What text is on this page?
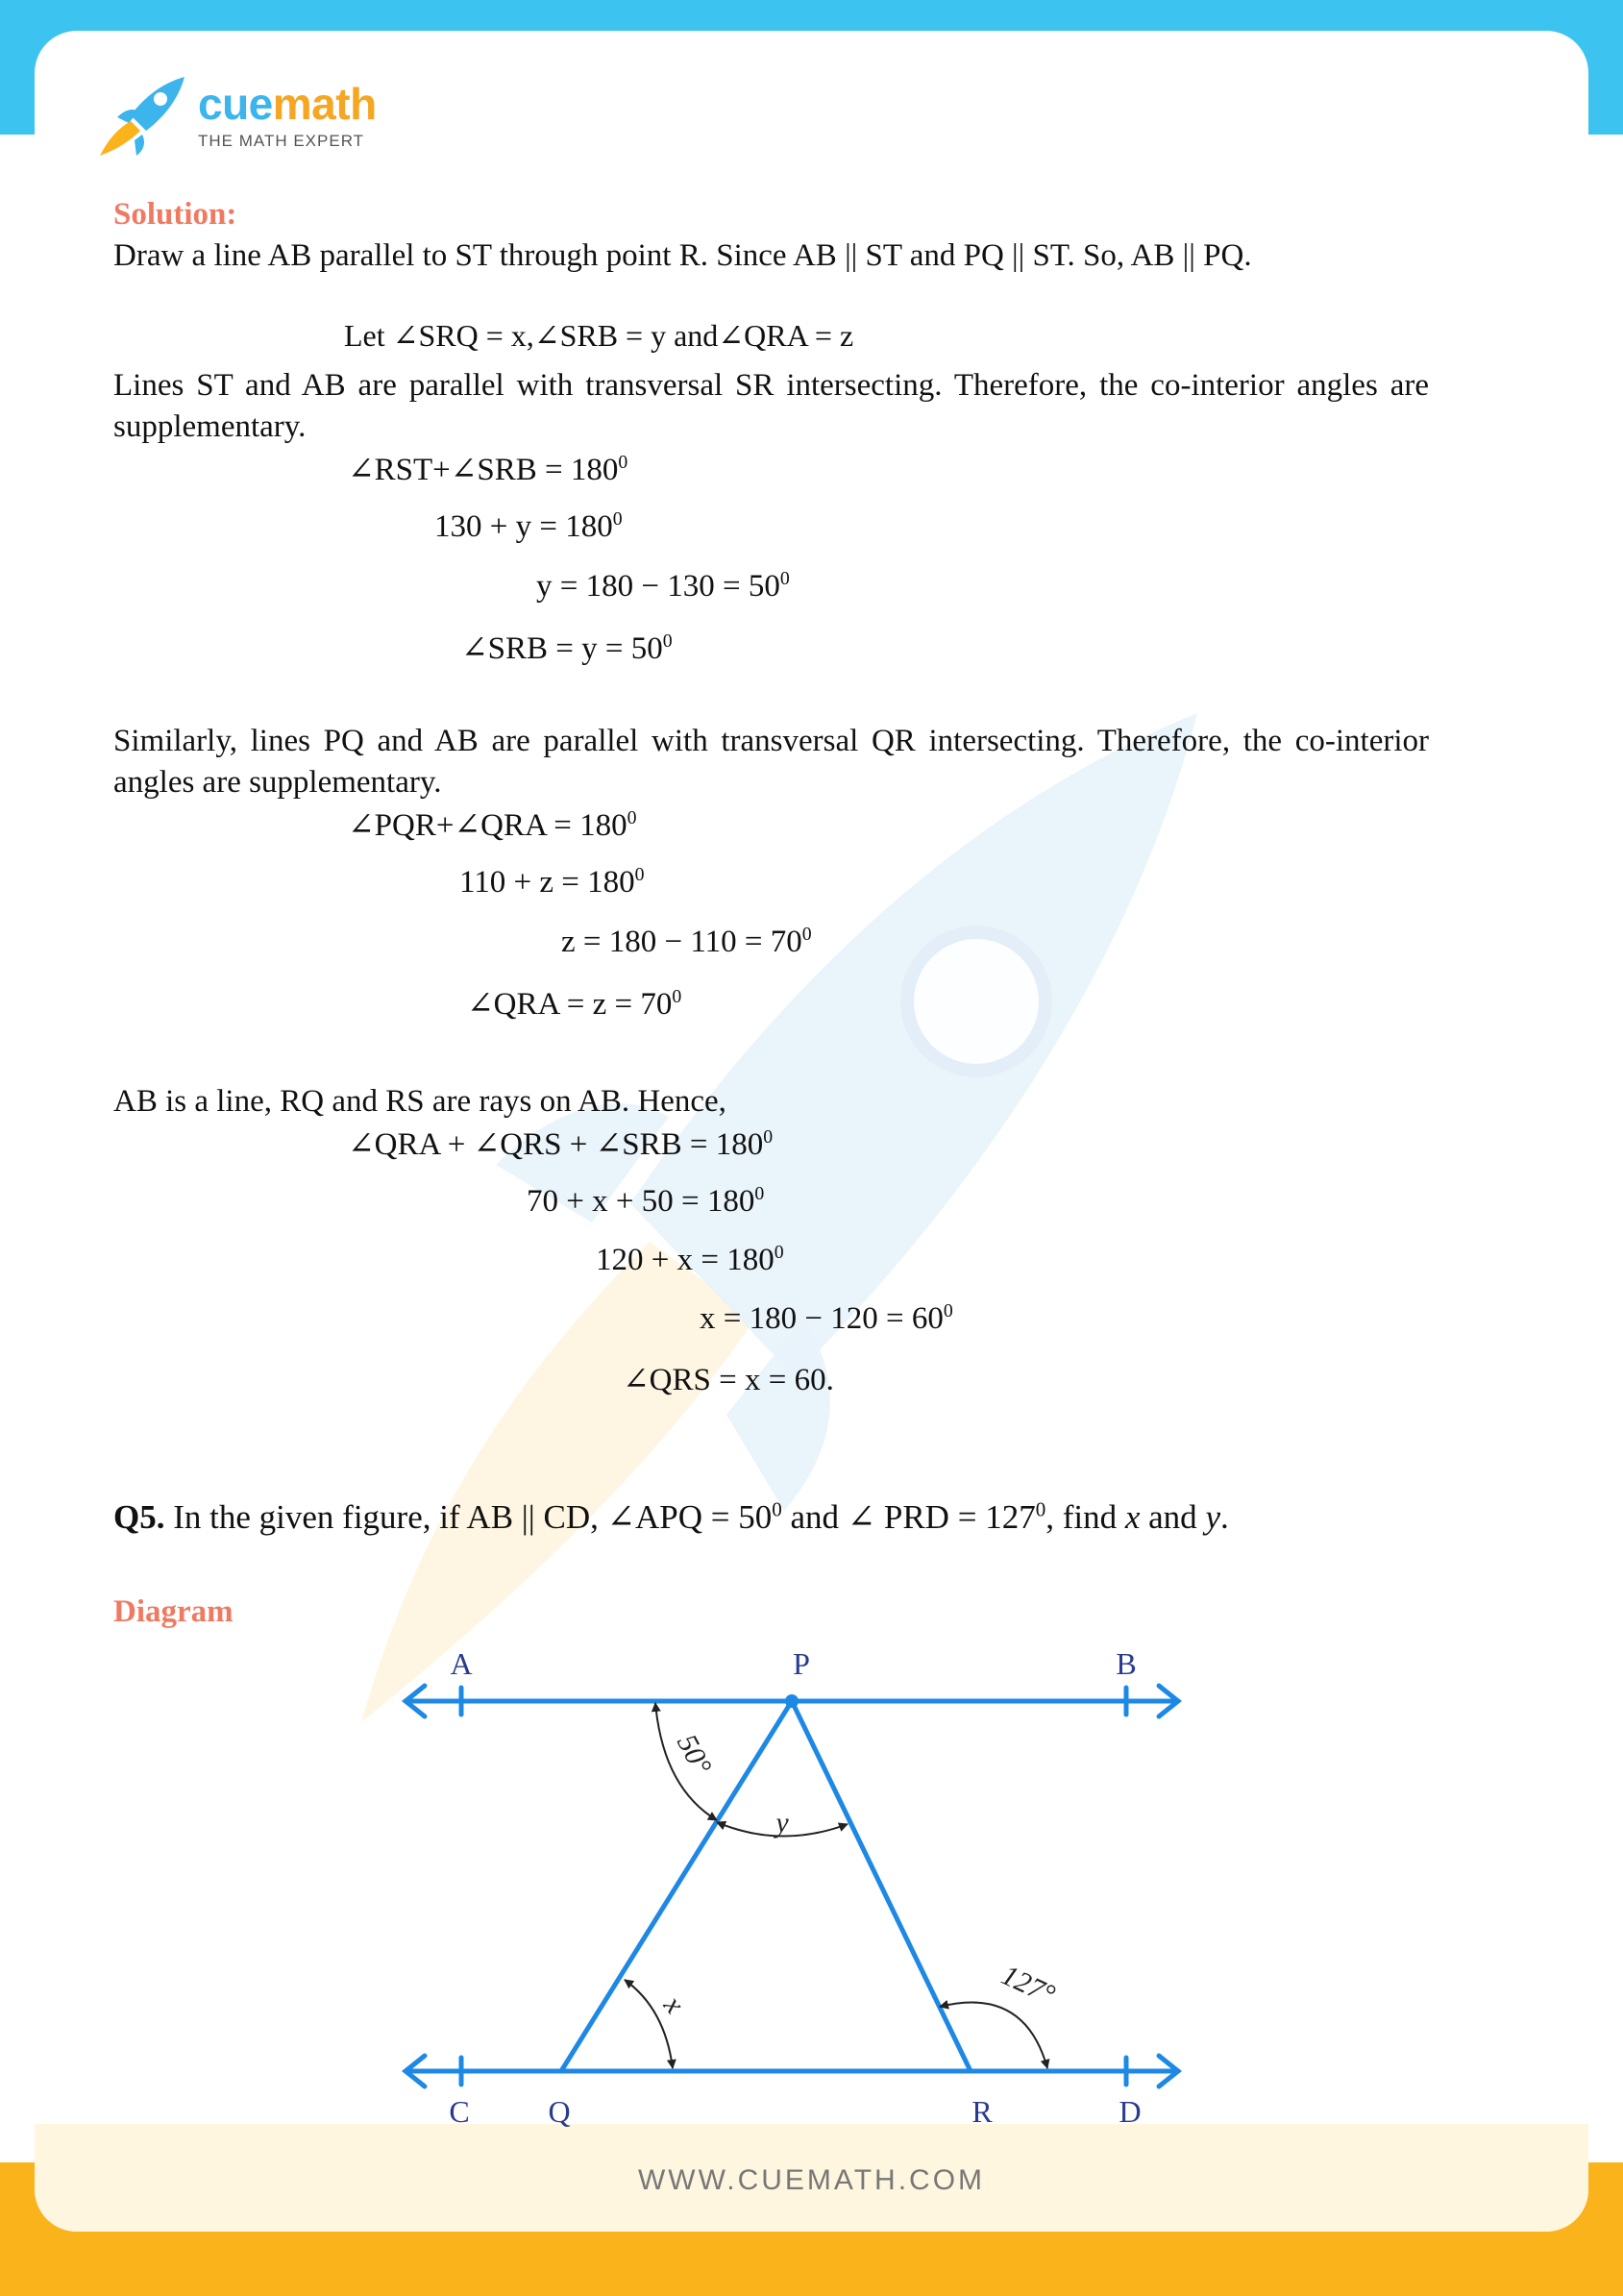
cuemath
THE MATH EXPERT
WWW.CUEMATH.COM
Solution:
Draw a line AB parallel to ST through point R. Since AB || ST and PQ || ST. So, AB || PQ.
Let ∠SRQ = x,∠SRB = y and∠QRA = z
Lines ST and AB are parallel with transversal SR intersecting. Therefore, the co-interior angles are supplementary.
∠RST+∠SRB = $180^0$
$130 + y = 180^0$
$y = 180 - 130 = 50^0$
∠SRB = $y = 50^0$
Similarly, lines PQ and AB are parallel with transversal QR intersecting. Therefore, the co-interior angles are supplementary.
∠PQR+∠QRA = $180^0$
$110 + z = 180^0$
$z = 180 - 110 = 70^0$
∠QRA = $z = 70^0$
AB is a line, RQ and RS are rays on AB. Hence,
∠QRA + ∠QRS + ∠SRB = $180^0$
$70 + x + 50 = 180^0$
$120 + x = 180^0$
$x = 180 - 120 = 60^0$
∠QRS = x = 60.
Q5. In the given figure, if AB || CD, ∠APQ = $50^0$ and ∠ PRD = $127^0$, find x and y.
Diagram
A	P	B
C	Q	R	D
50°
y
x	127°
